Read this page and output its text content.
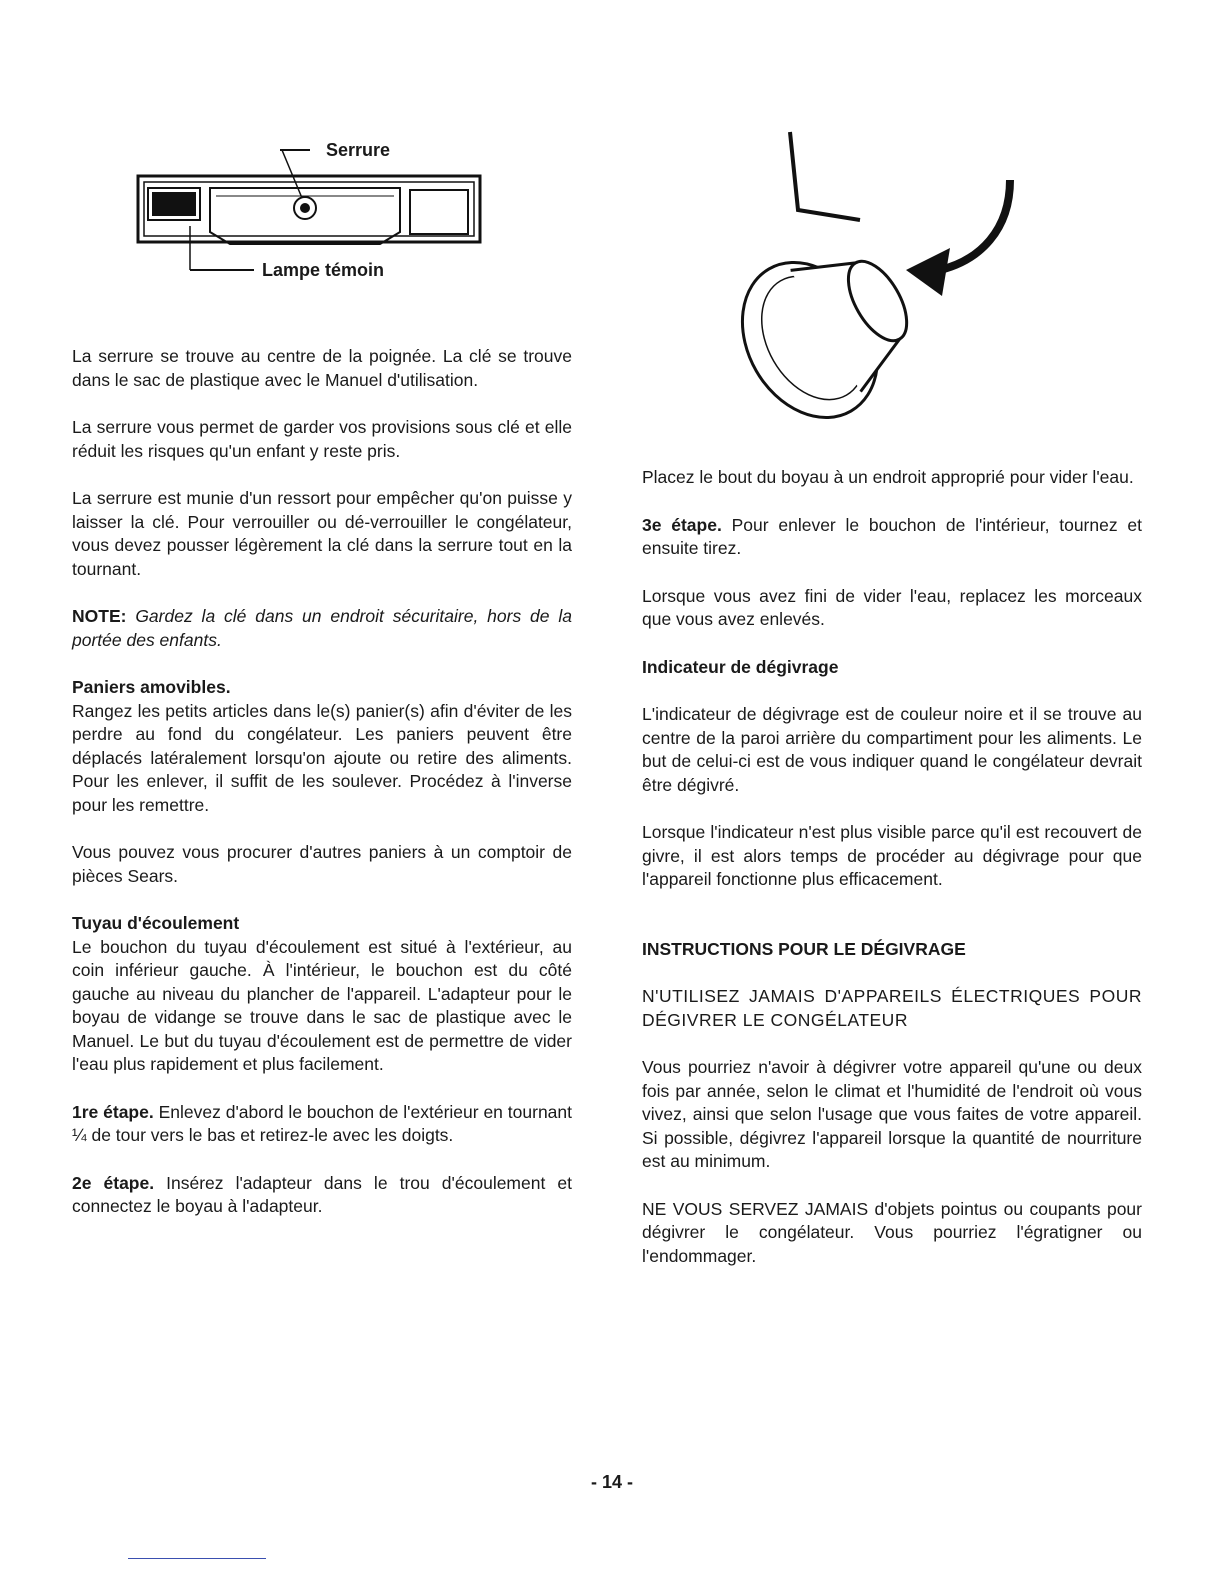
Serrure
Lampe témoin

La serrure se trouve au centre de la poignée. La clé se trouve dans le sac de plastique avec le Manuel d'utilisation.

La serrure vous permet de garder vos provisions sous clé et elle réduit les risques qu'un enfant y reste pris.

La serrure est munie d'un ressort pour empêcher qu'on puisse y laisser la clé. Pour verrouiller ou dé-verrouiller le congélateur, vous devez pousser légèrement la clé dans la serrure tout en la tournant.

NOTE: Gardez la clé dans un endroit sécuritaire, hors de la portée des enfants.

Paniers amovibles.

Rangez les petits articles dans le(s) panier(s) afin d'éviter de les perdre au fond du congélateur. Les paniers peuvent être déplacés latéralement lorsqu'on ajoute ou retire des aliments. Pour les enlever, il suffit de les soulever. Procédez à l'inverse pour les remettre.

Vous pouvez vous procurer d'autres paniers à un comptoir de pièces Sears.

Tuyau d'écoulement

Le bouchon du tuyau d'écoulement est situé à l'extérieur, au coin inférieur gauche. À l'intérieur, le bouchon est du côté gauche au niveau du plancher de l'appareil. L'adapteur pour le boyau de vidange se trouve dans le sac de plastique avec le Manuel. Le but du tuyau d'écoulement est de permettre de vider l'eau plus rapidement et plus facilement.

1re étape. Enlevez d'abord le bouchon de l'extérieur en tournant ¼ de tour vers le bas et retirez-le avec les doigts.

2e étape. Insérez l'adapteur dans le trou d'écoulement et connectez le boyau à l'adapteur.

Placez le bout du boyau à un endroit approprié pour vider l'eau.

3e étape. Pour enlever le bouchon de l'intérieur, tournez et ensuite tirez.

Lorsque vous avez fini de vider l'eau, replacez les morceaux que vous avez enlevés.

Indicateur de dégivrage

L'indicateur de dégivrage est de couleur noire et il se trouve au centre de la paroi arrière du compartiment pour les aliments. Le but de celui-ci est de vous indiquer quand le congélateur devrait être dégivré.

Lorsque l'indicateur n'est plus visible parce qu'il est recouvert de givre, il est alors temps de procéder au dégivrage pour que l'appareil fonctionne plus efficacement.

INSTRUCTIONS POUR LE DÉGIVRAGE

N'UTILISEZ JAMAIS D'APPAREILS ÉLECTRIQUES POUR DÉGIVRER LE CONGÉLATEUR

Vous pourriez n'avoir à dégivrer votre appareil qu'une ou deux fois par année, selon le climat et l'humidité de l'endroit où vous vivez, ainsi que selon l'usage que vous faites de votre appareil. Si possible, dégivrez l'appareil lorsque la quantité de nourriture est au minimum.

NE VOUS SERVEZ JAMAIS d'objets pointus ou coupants pour dégivrer le congélateur. Vous pourriez l'égratigner ou l'endommager.

- 14 -
